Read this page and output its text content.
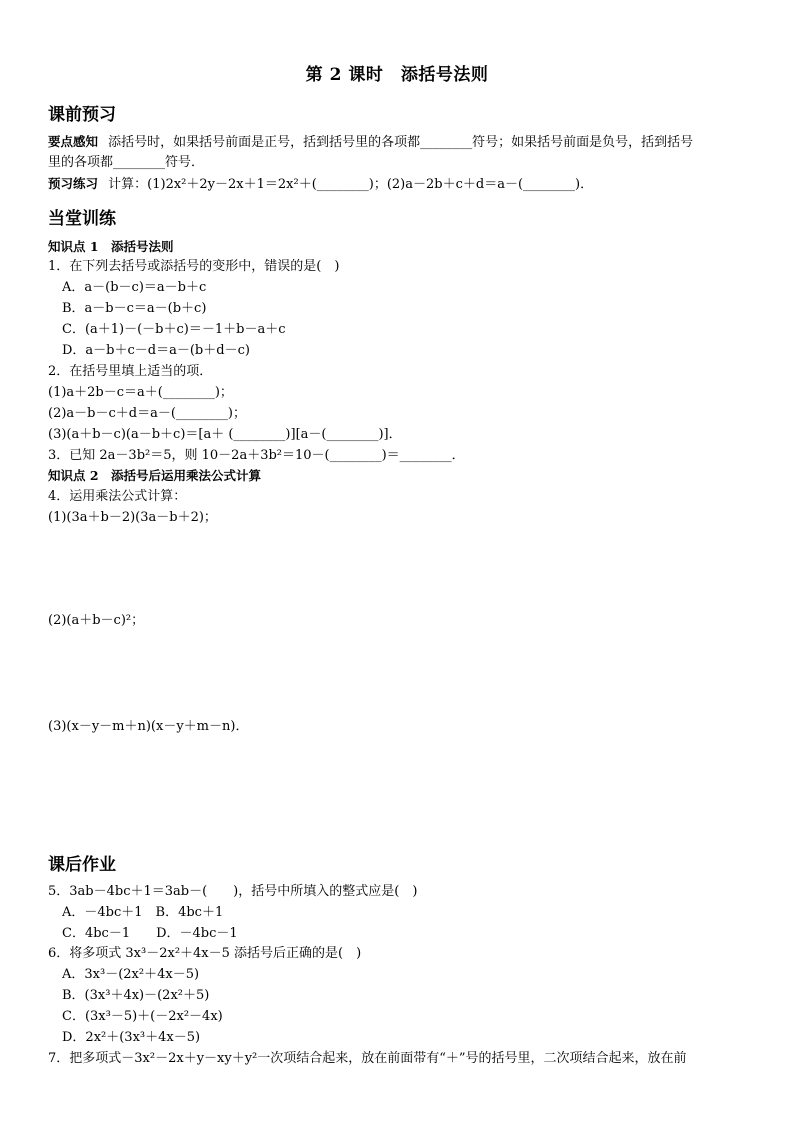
第 2 课时　添括号法则
课前预习
要点感知 添括号时，如果括号前面是正号，括到括号里的各项都________符号；如果括号前面是负号，括到括号
里的各项都________符号．
预习练习 计算：(1)2x²＋2y－2x＋1＝2x²＋(________)；(2)a－2b＋c＋d＝a－(________)．
当堂训练
知识点 1　添括号法则
1．在下列去括号或添括号的变形中，错误的是(　)
A．a－(b－c)＝a－b＋c
B．a－b－c＝a－(b＋c)
C．(a＋1)－(－b＋c)＝－1＋b－a＋c
D．a－b＋c－d＝a－(b＋d－c)
2．在括号里填上适当的项．
(1)a＋2b－c＝a＋(________)；
(2)a－b－c＋d＝a－(________)；
(3)(a＋b－c)(a－b＋c)＝[a＋ (________)][a－(________)]．
3．已知 2a－3b²＝5，则 10－2a＋3b²＝10－(________)＝________．
知识点 2　添括号后运用乘法公式计算
4．运用乘法公式计算：
(1)(3a＋b－2)(3a－b＋2)；
(2)(a＋b－c)²；
(3)(x－y－m＋n)(x－y＋m－n)．
课后作业
5．3ab－4bc＋1＝3ab－(　　)，括号中所填入的整式应是(　)
A．－4bc＋1　B．4bc＋1
C．4bc－1　　D．－4bc－1
6．将多项式 3x³－2x²＋4x－5 添括号后正确的是(　)
A．3x³－(2x²＋4x－5)
B．(3x³＋4x)－(2x²＋5)
C．(3x³－5)＋(－2x²－4x)
D．2x²＋(3x³＋4x－5)
7．把多项式－3x²－2x＋y－xy＋y²一次项结合起来，放在前面带有“＋”号的括号里，二次项结合起来，放在前
